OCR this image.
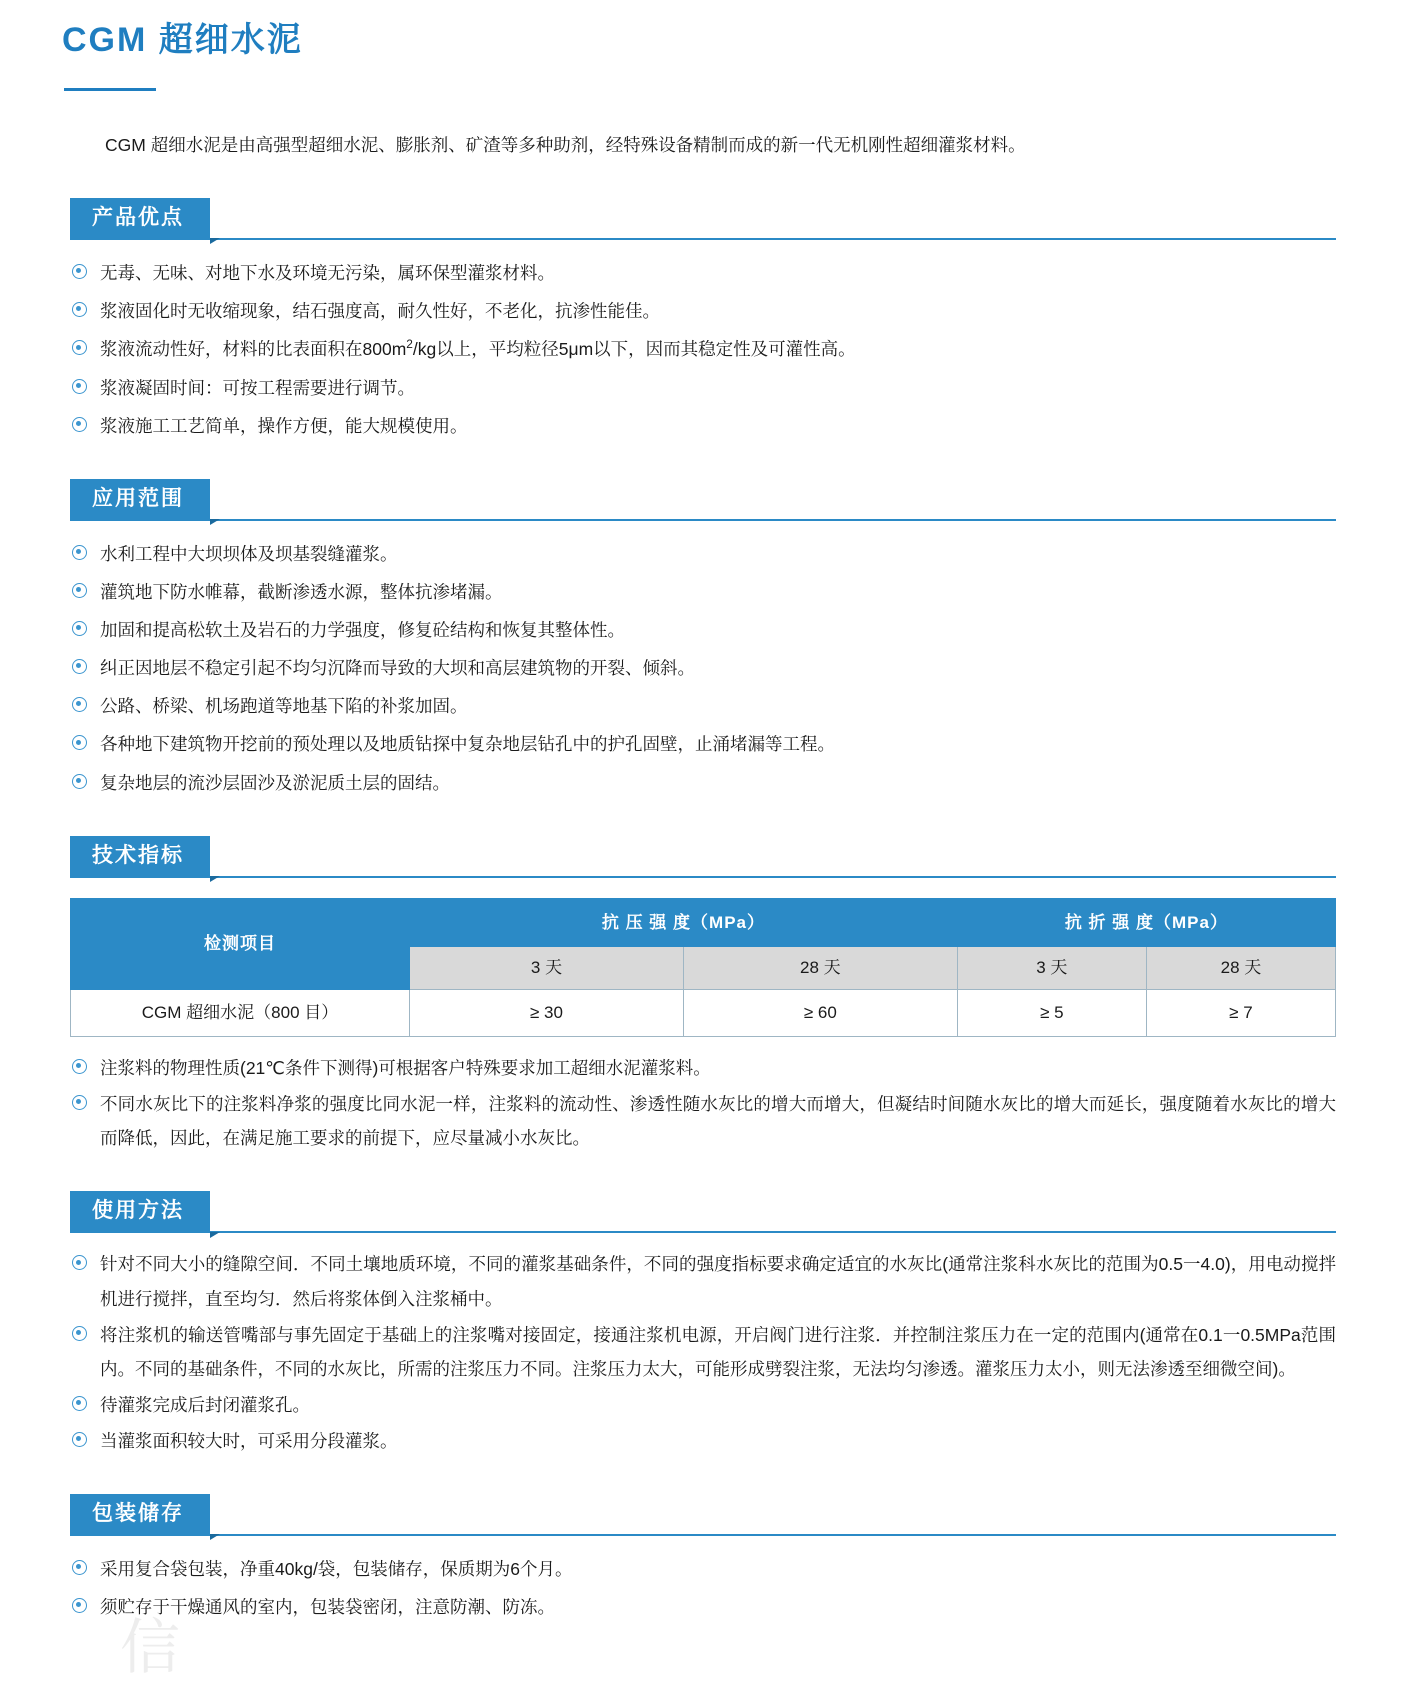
CGM 超细水泥

CGM 超细水泥是由高强型超细水泥、膨胀剂、矿渣等多种助剂，经特殊设备精制而成的新一代无机刚性超细灌浆材料。

产品优点
无毒、无味、对地下水及环境无污染，属环保型灌浆材料。
浆液固化时无收缩现象，结石强度高，耐久性好，不老化，抗渗性能佳。
浆液流动性好，材料的比表面积在$800m^2/kg$以上，平均粒径5μm以下，因而其稳定性及可灌性高。
浆液凝固时间：可按工程需要进行调节。
浆液施工工艺简单，操作方便，能大规模使用。
应用范围
水利工程中大坝坝体及坝基裂缝灌浆。
灌筑地下防水帷幕，截断渗透水源，整体抗渗堵漏。
加固和提高松软土及岩石的力学强度，修复砼结构和恢复其整体性。
纠正因地层不稳定引起不均匀沉降而导致的大坝和高层建筑物的开裂、倾斜。
公路、桥梁、机场跑道等地基下陷的补浆加固。
各种地下建筑物开挖前的预处理以及地质钻探中复杂地层钻孔中的护孔固壁，止涌堵漏等工程。
复杂地层的流沙层固沙及淤泥质土层的固结。
技术指标
检测项目	抗 压 强 度（MPa）		抗 折 强 度（MPa）	
	3 天	28 天	3 天	28 天
CGM 超细水泥（800 目）	≥ 30	≥ 60	≥ 5	≥ 7
注浆料的物理性质(21℃条件下测得)可根据客户特殊要求加工超细水泥灌浆料。
不同水灰比下的注浆料净浆的强度比同水泥一样，注浆料的流动性、渗透性随水灰比的增大而增大，但凝结时间随水灰比的增大而延长，强度随着水灰比的增大而降低，因此，在满足施工要求的前提下，应尽量减小水灰比。
使用方法
针对不同大小的缝隙空间．不同土壤地质环境，不同的灌浆基础条件，不同的强度指标要求确定适宜的水灰比(通常注浆科水灰比的范围为0.5一4.0)，用电动搅拌机进行搅拌，直至均匀．然后将浆体倒入注浆桶中。
将注浆机的输送管嘴部与事先固定于基础上的注浆嘴对接固定，接通注浆机电源，开启阀门进行注浆．并控制注浆压力在一定的范围内(通常在0.1一0.5MPa范围内。不同的基础条件，不同的水灰比，所需的注浆压力不同。注浆压力太大，可能形成劈裂注浆，无法均匀渗透。灌浆压力太小，则无法渗透至细微空间)。
待灌浆完成后封闭灌浆孔。
当灌浆面积较大时，可采用分段灌浆。
包装储存
采用复合袋包装，净重40kg/袋，包装储存，保质期为6个月。
须贮存于干燥通风的室内，包装袋密闭，注意防潮、防冻。
信
